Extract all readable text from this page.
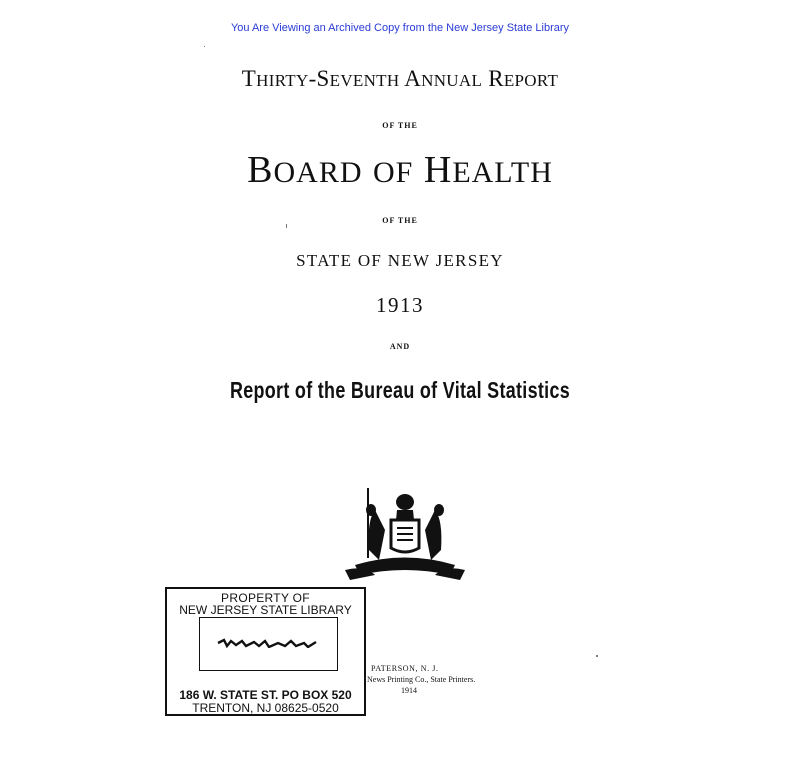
You Are Viewing an Archived Copy from the New Jersey State Library
THIRTY-SEVENTH ANNUAL REPORT
OF THE
BOARD OF HEALTH
OF THE
STATE OF NEW JERSEY
1913
AND
Report of the Bureau of Vital Statistics
PROPERTY OF
NEW JERSEY STATE LIBRARY
186 W. STATE ST. PO BOX 520
TRENTON, NJ 08625-0520
PATERSON, N. J.
News Printing Co., State Printers.
1914
